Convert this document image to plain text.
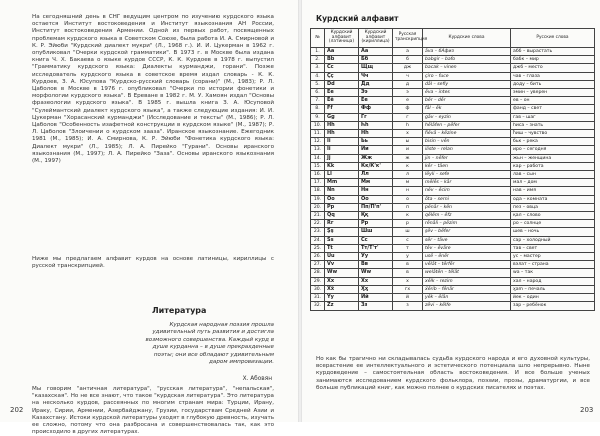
На сегодняшний день в СНГ ведущим центром по изучению курдского языка остается Институт востоковедения и Институт языкознания АН России, Институт востоковедения Армении. Одной из первых работ, посвященных проблемам курдского языка в Советском Союзе, была работа И. А. Смирновой и К. Р. Эйюби "Курдский диалект мукри" (Л., 1968 г.). И. И. Цукерман в 1962 г. опубликовал "Очерки курдской грамматики". В 1973 г. в Москве была издана книга Ч. Х. Бакаева о языке курдов СССР, К. К. Курдоев в 1978 г. выпустил "Грамматику курдского языка: Диалекты курманджи, горани". Позже исследователь курдского языка в советское время издал словарь - К. К. Курдоев, З. А. Юсупова "Курдско-русский словарь (сорани)" (М., 1983); Р. Л. Цаболов в Москве в 1976 г. опубликовал "Очерки по истории фонетики и морфологии курдского языка". В Ереване в 1982 г. М. У. Хамоян издал "Основы фразеологии курдского языка". В 1985 г. вышла книга З. А. Юсуповой "Сулеймантский диалект курдского языка", а также следующие издания: И. И. Цукерман "Хорасанский курманджи" (Исследование и тексты" (М., 1986); Р. Л. Цаболов "Особенность изафетной конструкции в курдском языке" (М., 1987); Р. Л. Цаболов "Злоичении о курдском зааза". Иранское языкознание. Ежегодник 1981 (М., 1985); И. А. Смирнова, К. Р. Эйюби "Фонетика курдского языка: Диалект мукри" (Л., 1985); Л. А. Пирейко "Гурани". Основы иранского языкознания (М., 1997); Л. А. Пирейко "Заза". Основы иранского языкознания (М., 1997)
Ниже мы предлагаем алфавит курдов на основе латиницы, кириллицы с русской транскрипцией.
Литература
Курдская народная поэзия прошла удивительный путь развития и достигла возможного совершенства. Каждый курд в душе курданна – в душе прекрахденные поэты; они все обладают удивительным даром импровизации.
Х. Абовян
Мы говорим "античная литература", "русская литература", "непальская", "казахская". Но не все знают, что такое "курдская литература". Это литература на несколько курдов, рассеянных по многим странам мира: Турции, Ирану, Ираку, Сирии, Армении, Азербайджану, Грузии, государствам Средней Азии и Казахстану. Истоки курдской литературы уходят в глубокую древность, изучать ее сложно, потому что она разбросана и совершенствовалась так, как это происходило в других литературах.
202
Курдский алфавит
№	Курдский алфавит (латиница)	Курдский алфавит (кириллица)	Русская транскрипция	Курдские слова	Русские слова
1.	Aa	Аа	а	āva – бAфиз	aбб – вырастать
2.	Bb	Бб	б	babgir – bafo	бабк – мир
3.	Cc	Щщ	дж	bacak – vinen	джб – место
4.	Çç	Чч	ч	çiro – fuce	чав – глаза
5.	Dd	Дд	д	dāl – sefiy	доду – бить
6.	Ee	Ээ	э	ēva – ĭntes	эмин – уверен
7.	Êê	Ее	е	bēr – dēr	ев – он
8.	Ff	Фф	ф	fāl – ēk	фанд – свет
9.	Gg	Гг	г	gāv – eyzin	гав – шаг
10.	Hh	Һһ	һ	hēlāfen – pēfer	һиса – знать
11.	Ḧḧ	Ḧḧ	х	ḧēvā – kēzine	ḧиш – чувство
12.	Ii	Ьь	ы	bisin – vēn	бьк – река
13.	İi	Ии	и	iliste – relan	иро – сегодня
14.	Jj	Жж	ж	jin – nēfer	жьн – женщина
15.	Kk	Кк/К'к'	к	kēr – tāen	кар – работа
16.	Ll	Лл	л	lēyli – sefe	лав – сын
17.	Mm	Мм	м	mēlēs – kār	мал – дом
18.	Nn	Нн	н	nēv – ēcim	нав – имя
19.	Oo	Оо	о	ōta – serni	ода – комната
20.	Pp	Пп/П'п'	п	pēnār – kēn	пез – овца
21.	Qq	Ққ	к	qēlēm – ēfz	қал – слово
22.	Rr	Рр	р	rēnāli – pēzim	ро – солнце
23.	Şş	Шш	ш	şēv – bēfer	шев – ночь
24.	Ss	Сс	с	sēr – tāve	сар – холодный
25.	Tt	Тт/Т'т'	т	tēv – ēvāre	тав – свет
26.	Uu	Уу	у	usē – ēnēr	ус – мастер
27.	Vv	Вв	в	vēlāt – tērfēr	вэлат – страна
28.	Ww	Ԝԝ	в	welātēn – tēlāt	wa – так
29.	Xx	Хх	х	xēlk – rezim	хал – народ
30.	Ẍẍ	Ӽӽ	гх	ẍērib – fēnār	ӽam – печаль
31.	Yy	Йй	й	yēk – ēlān	йек – один
32.	Zz	Зз	з	zēvi – kēlfe	зар – ребёнок
Но как бы трагично ни складывалась судьба курдского народа и его духовной культуры, всерастение ее интеллектуального и эстетического потенциала шло непрерывно. Нынe курдоведение – самостоятельная область востоковедения. И все больше ученых занимаются исследованием курдского фольклора, поэзии, прозы, драматургии, и все больше публикаций книг, как можно полнее о курдских писателях и поэтах.
203
